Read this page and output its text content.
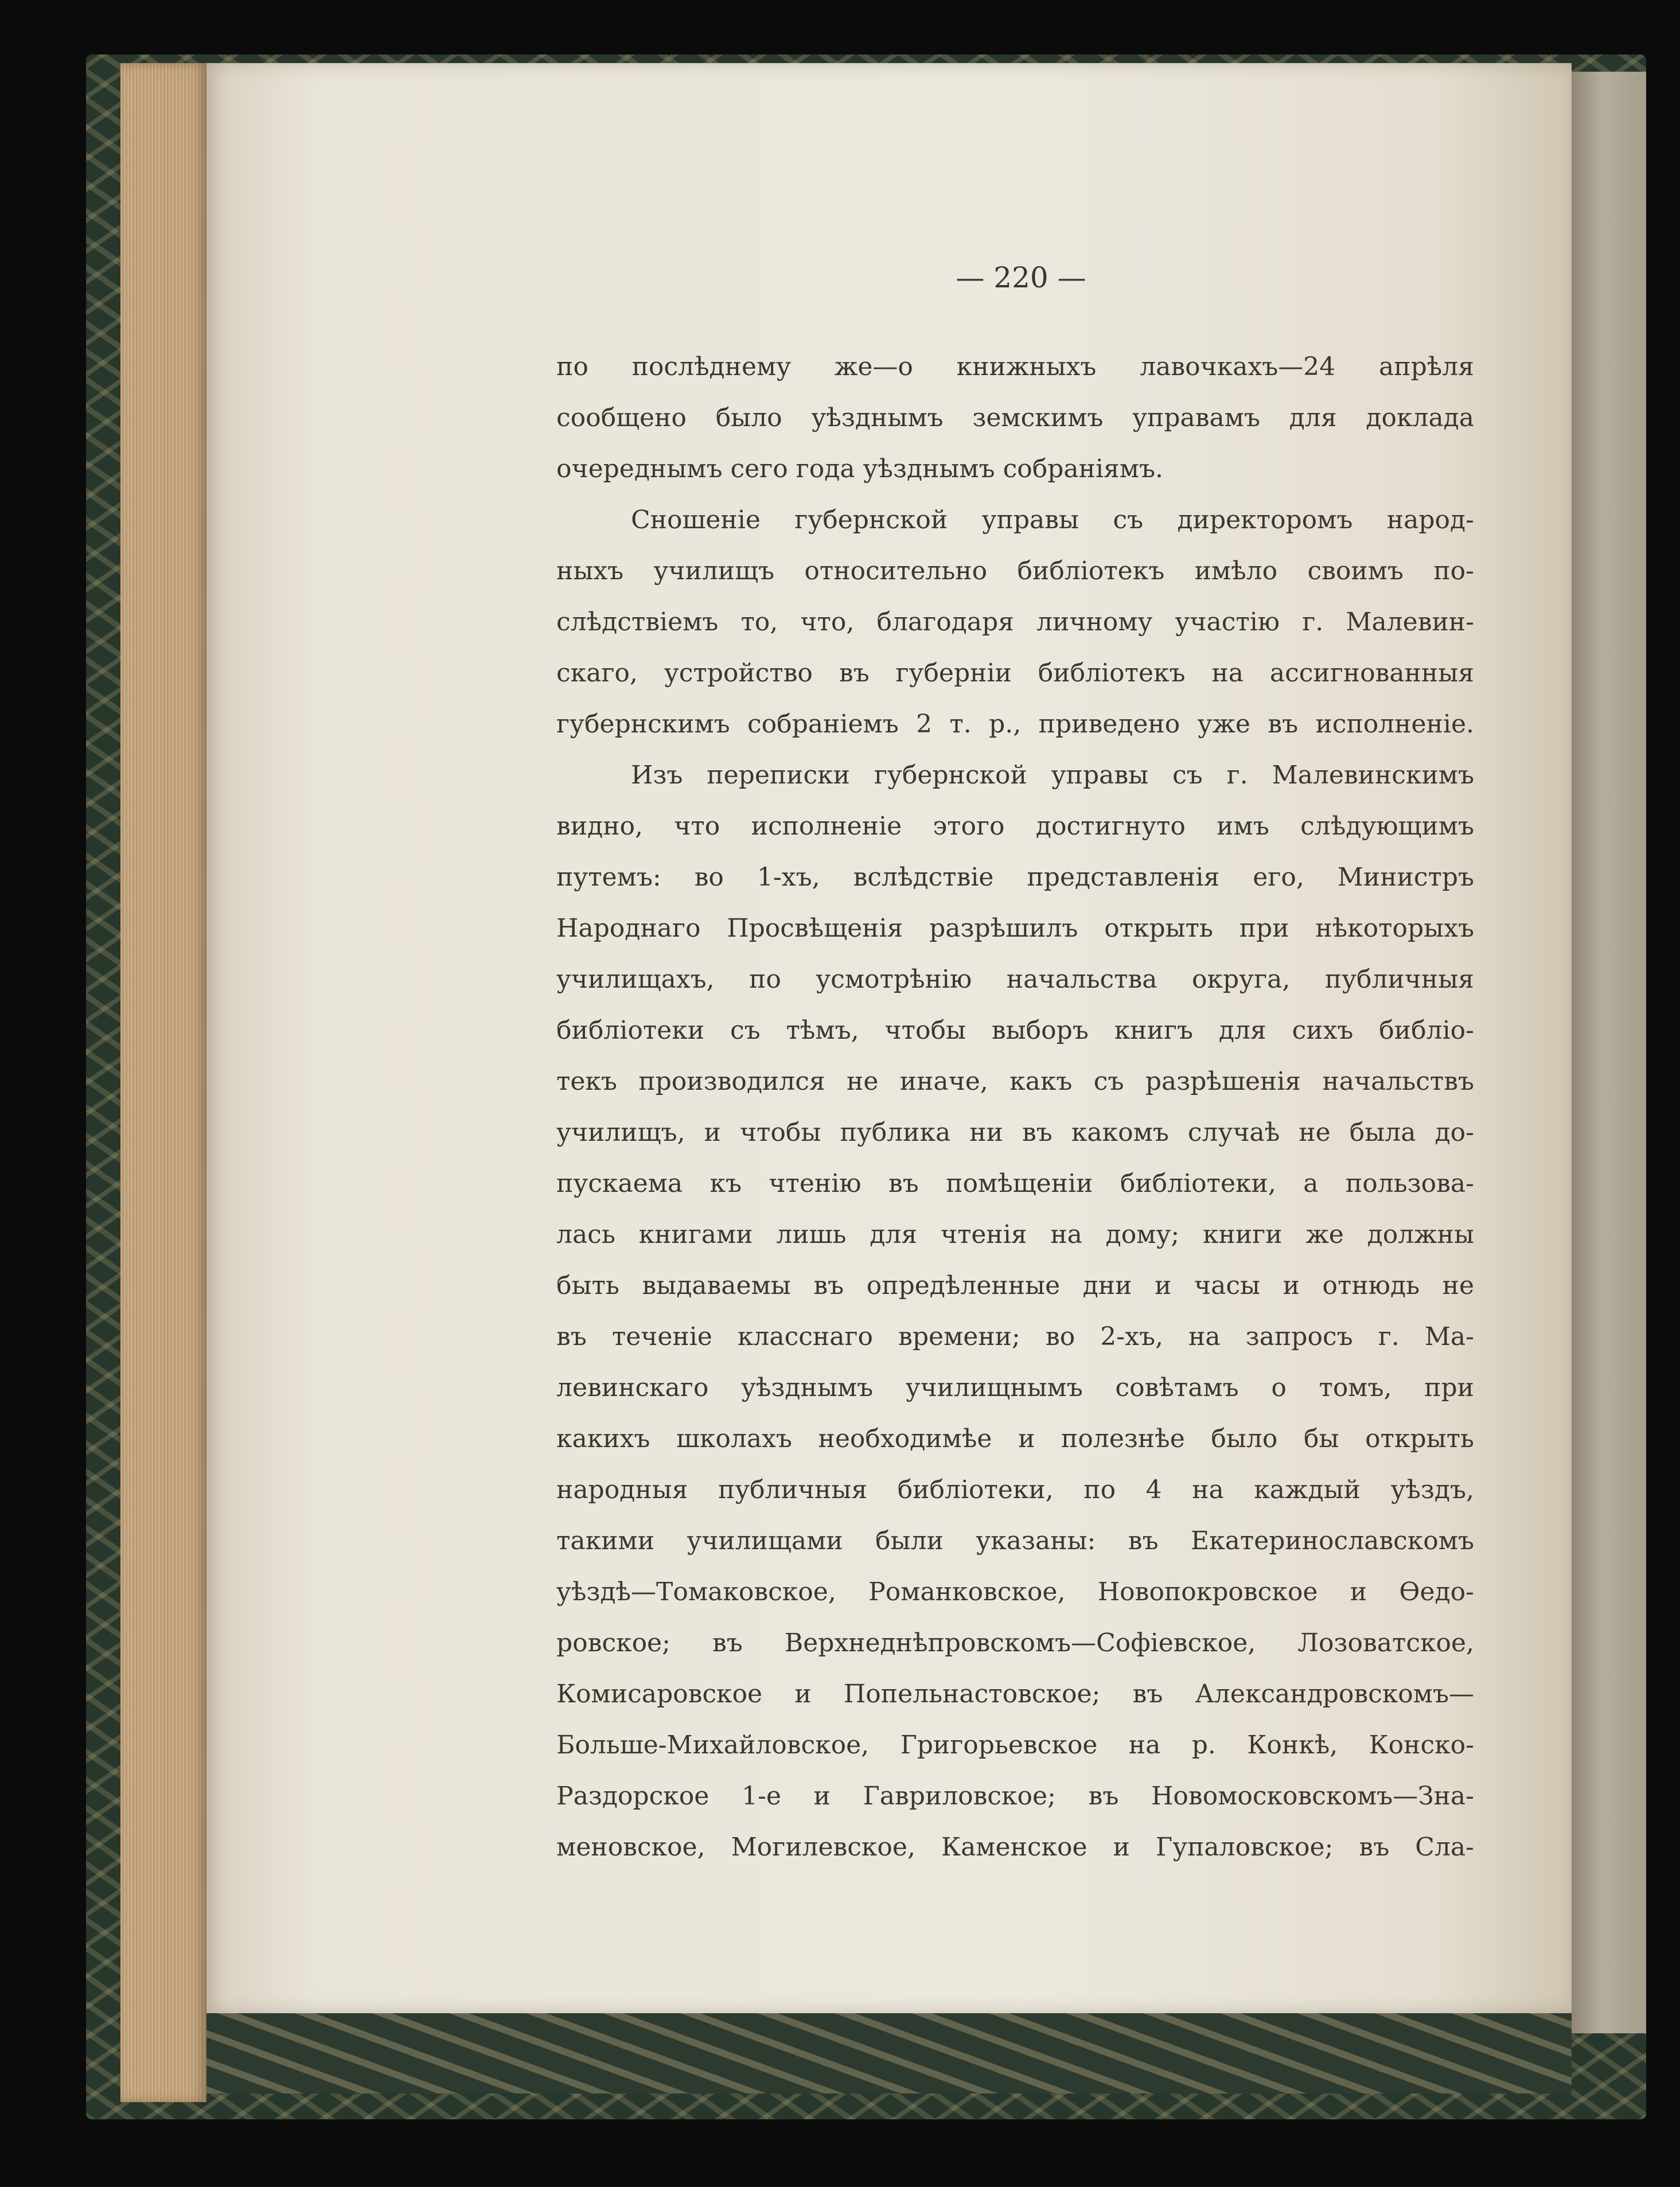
— 220 —
по послѣднему же—о книжныхъ лавочкахъ—24 апрѣля
сообщено было уѣзднымъ земскимъ управамъ для доклада
очереднымъ сего года уѣзднымъ собраніямъ.
Сношеніе губернской управы съ директоромъ народ-
ныхъ училищъ относительно библіотекъ имѣло своимъ по-
слѣдствіемъ то, что, благодаря личному участію г. Малевин-
скаго, устройство въ губерніи библіотекъ на ассигнованныя
губернскимъ собраніемъ 2 т. р., приведено уже въ исполненіе.
Изъ переписки губернской управы съ г. Малевинскимъ
видно, что исполненіе этого достигнуто имъ слѣдующимъ
путемъ: во 1-хъ, вслѣдствіе представленія его, Министръ
Народнаго Просвѣщенія разрѣшилъ открыть при нѣкоторыхъ
училищахъ, по усмотрѣнію начальства округа, публичныя
библіотеки съ тѣмъ, чтобы выборъ книгъ для сихъ библіо-
текъ производился не иначе, какъ съ разрѣшенія начальствъ
училищъ, и чтобы публика ни въ какомъ случаѣ не была до-
пускаема къ чтенію въ помѣщеніи библіотеки, а пользова-
лась книгами лишь для чтенія на дому; книги же должны
быть выдаваемы въ опредѣленные дни и часы и отнюдь не
въ теченіе класснаго времени; во 2-хъ, на запросъ г. Ма-
левинскаго уѣзднымъ училищнымъ совѣтамъ о томъ, при
какихъ школахъ необходимѣе и полезнѣе было бы открыть
народныя публичныя библіотеки, по 4 на каждый уѣздъ,
такими училищами были указаны: въ Екатеринославскомъ
уѣздѣ—Томаковское, Романковское, Новопокровское и Ѳедо-
ровское; въ Верхнеднѣпровскомъ—Софіевское, Лозоватское,
Комисаровское и Попельнастовское; въ Александровскомъ—
Больше-Михайловское, Григорьевское на р. Конкѣ, Конско-
Раздорское 1-е и Гавриловское; въ Новомосковскомъ—Зна-
меновское, Могилевское, Каменское и Гупаловское; въ Сла-
